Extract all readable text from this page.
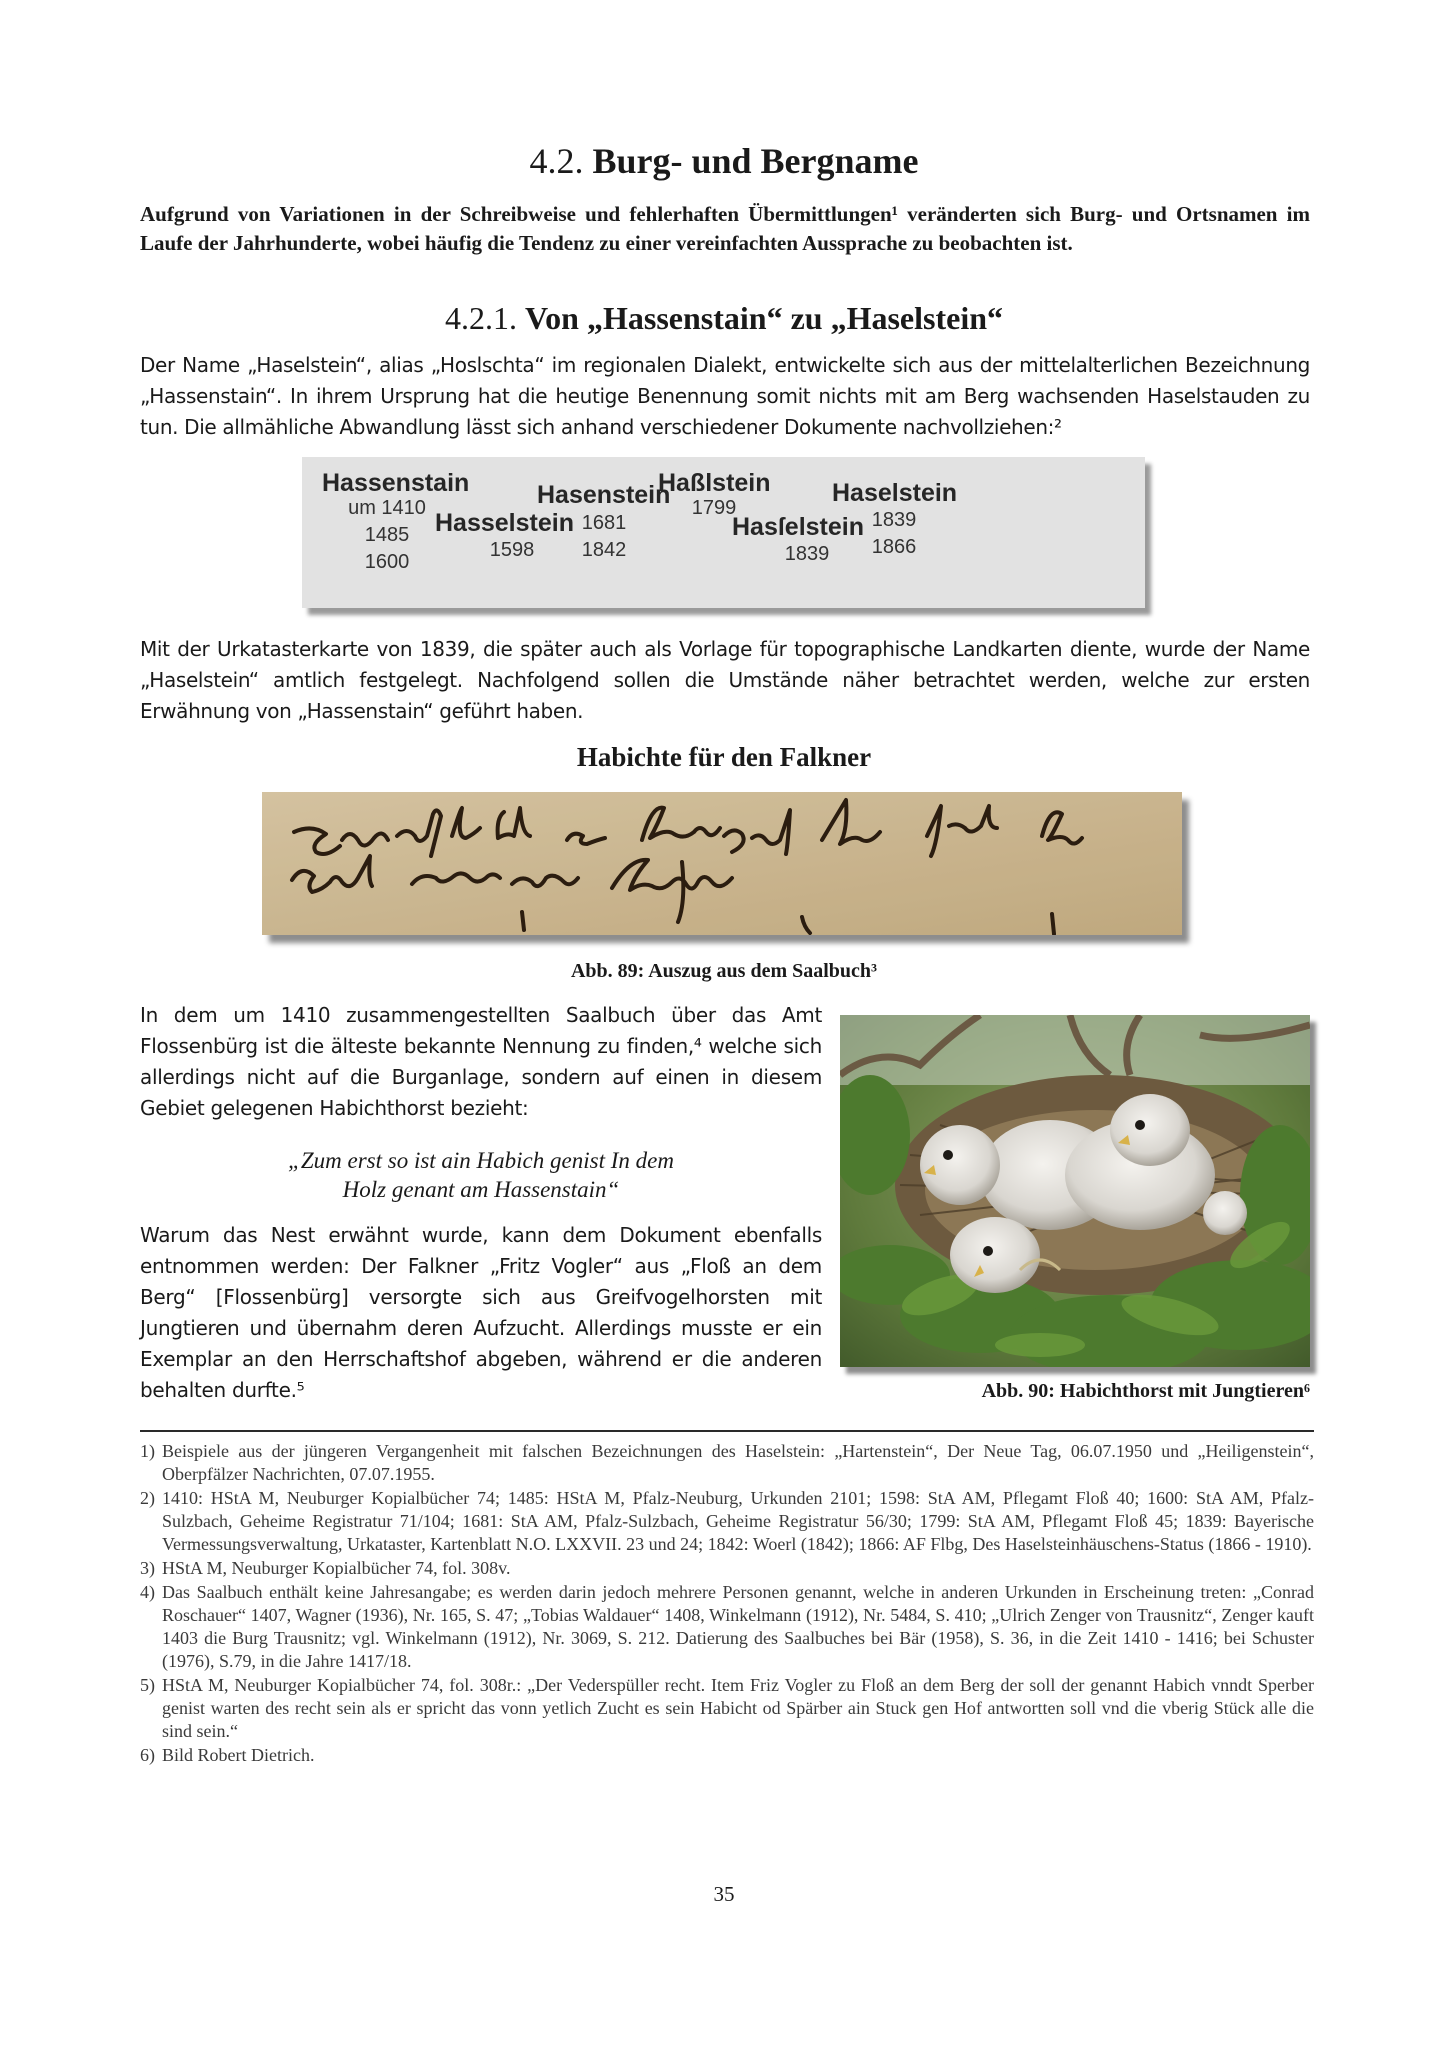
4.2. Burg- und Bergname

Aufgrund von Variationen in der Schreibweise und fehlerhaften Übermittlungen¹ veränderten sich Burg- und Ortsnamen im Laufe der Jahrhunderte, wobei häufig die Tendenz zu einer vereinfachten Aussprache zu beobachten ist.

4.2.1. Von „Hassenstain“ zu „Haselstein“

Der Name „Haselstein“, alias „Hoslschta“ im regionalen Dialekt, entwickelte sich aus der mittelalterlichen Bezeichnung „Hassenstain“. In ihrem Ursprung hat die heutige Benennung somit nichts mit am Berg wachsenden Haselstauden zu tun. Die allmähliche Abwandlung lässt sich anhand verschiedener Dokumente nachvollziehen:²

Hassenstain
um 1410
1485
1600
Hasselstein
1598
Hasenstein
1681
1842
Haßlstein
1799
Hasſelstein
1839
Haselstein
1839
1866

Mit der Urkatasterkarte von 1839, die später auch als Vorlage für topographische Landkarten diente, wurde der Name „Haselstein“ amtlich festgelegt. Nachfolgend sollen die Umstände näher betrachtet werden, welche zur ersten Erwähnung von „Hassenstain“ geführt haben.

Habichte für den Falkner
Abb. 89: Auszug aus dem Saalbuch³

In dem um 1410 zusammengestellten Saalbuch über das Amt Flossenbürg ist die älteste bekannte Nennung zu finden,⁴ welche sich allerdings nicht auf die Burganlage, sondern auf einen in diesem Gebiet gelegenen Habichthorst bezieht:

„Zum erst so ist ain Habich genist In dem
Holz genant am Hassenstain“

Warum das Nest erwähnt wurde, kann dem Dokument ebenfalls entnommen werden: Der Falkner „Fritz Vogler“ aus „Floß an dem Berg“ [Flossenbürg] versorgte sich aus Greifvogelhorsten mit Jungtieren und übernahm deren Aufzucht. Allerdings musste er ein Exemplar an den Herrschaftshof abgeben, während er die anderen behalten durfte.⁵	Abb. 90: Habichthorst mit Jungtieren⁶
1) Beispiele aus der jüngeren Vergangenheit mit falschen Bezeichnungen des Haselstein: „Hartenstein“, Der Neue Tag, 06.07.1950 und „Heiligenstein“, Oberpfälzer Nachrichten, 07.07.1955.
2) 1410: HStA M, Neuburger Kopialbücher 74; 1485: HStA M, Pfalz-Neuburg, Urkunden 2101; 1598: StA AM, Pflegamt Floß 40; 1600: StA AM, Pfalz-Sulzbach, Geheime Registratur 71/104; 1681: StA AM, Pfalz-Sulzbach, Geheime Registratur 56/30; 1799: StA AM, Pflegamt Floß 45; 1839: Bayerische Vermessungsverwaltung, Urkataster, Kartenblatt N.O. LXXVII. 23 und 24; 1842: Woerl (1842); 1866: AF Flbg, Des Haselsteinhäuschens-Status (1866 - 1910).
3) HStA M, Neuburger Kopialbücher 74, fol. 308v.
4) Das Saalbuch enthält keine Jahresangabe; es werden darin jedoch mehrere Personen genannt, welche in anderen Urkunden in Erscheinung treten: „Conrad Roschauer“ 1407, Wagner (1936), Nr. 165, S. 47; „Tobias Waldauer“ 1408, Winkelmann (1912), Nr. 5484, S. 410; „Ulrich Zenger von Trausnitz“, Zenger kauft 1403 die Burg Trausnitz; vgl. Winkelmann (1912), Nr. 3069, S. 212. Datierung des Saalbuches bei Bär (1958), S. 36, in die Zeit 1410 - 1416; bei Schuster (1976), S.79, in die Jahre 1417/18.
5) HStA M, Neuburger Kopialbücher 74, fol. 308r.: „Der Vederspüller recht. Item Friz Vogler zu Floß an dem Berg der soll der genannt Habich vnndt Sperber genist warten des recht sein als er spricht das vonn yetlich Zucht es sein Habicht od Spärber ain Stuck gen Hof antwortten soll vnd die vberig Stück alle die sind sein.“
6) Bild Robert Dietrich.
35
